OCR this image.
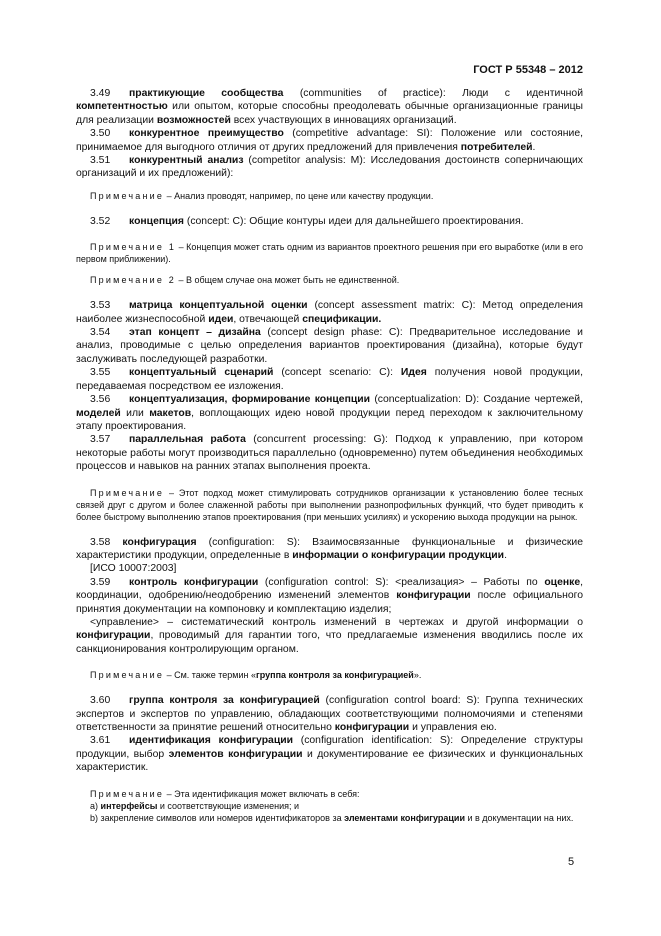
ГОСТ Р 55348 – 2012

3.49 практикующие сообщества (communities of practice): Люди с идентичной компетентностью или опытом, которые способны преодолевать обычные организационные границы для реализации возможностей всех участвующих в инновациях организаций.

3.50 конкурентное преимущество (competitive advantage: SI): Положение или состояние, принимаемое для выгодного отличия от других предложений для привлечения потребителей.

3.51 конкурентный анализ (competitor analysis: M): Исследования достоинств соперничающих организаций и их предложений):

Примечание – Анализ проводят, например, по цене или качеству продукции.

3.52 концепция (concept: C): Общие контуры идеи для дальнейшего проектирования.

Примечание 1 – Концепция может стать одним из вариантов проектного решения при его выработке (или в его первом приближении).

Примечание 2 – В общем случае она может быть не единственной.

3.53 матрица концептуальной оценки (concept assessment matrix: C): Метод определения наиболее жизнеспособной идеи, отвечающей спецификации.

3.54 этап концепт – дизайна (concept design phase: C): Предварительное исследование и анализ, проводимые с целью определения вариантов проектирования (дизайна), которые будут заслуживать последующей разработки.

3.55 концептуальный сценарий (concept scenario: C): Идея получения новой продукции, передаваемая посредством ее изложения.

3.56 концептуализация, формирование концепции (conceptualization: D): Создание чертежей, моделей или макетов, воплощающих идею новой продукции перед переходом к заключительному этапу проектирования.

3.57 параллельная работа (concurrent processing: G): Подход к управлению, при котором некоторые работы могут производиться параллельно (одновременно) путем объединения необходимых процессов и навыков на ранних этапах выполнения проекта.

Примечание – Этот подход может стимулировать сотрудников организации к установлению более тесных связей друг с другом и более слаженной работы при выполнении разнопрофильных функций, что будет приводить к более быстрому выполнению этапов проектирования (при меньших усилиях) и ускорению выхода продукции на рынок.

3.58 конфигурация (configuration: S): Взаимосвязанные функциональные и физические характеристики продукции, определенные в информации о конфигурации продукции.

[ИСО 10007:2003]

3.59 контроль конфигурации (configuration control: S): <реализация> – Работы по оценке, координации, одобрению/неодобрению изменений элементов конфигурации после официального принятия документации на компоновку и комплектацию изделия;

<управление> – систематический контроль изменений в чертежах и другой информации о конфигурации, проводимый для гарантии того, что предлагаемые изменения вводились после их санкционирования контролирующим органом.

Примечание – См. также термин «группа контроля за конфигурацией».

3.60 группа контроля за конфигурацией (configuration control board: S): Группа технических экспертов и экспертов по управлению, обладающих соответствующими полномочиями и степенями ответственности за принятие решений относительно конфигурации и управления ею.

3.61 идентификация конфигурации (configuration identification: S): Определение структуры продукции, выбор элементов конфигурации и документирование ее физических и функциональных характеристик.

Примечание – Эта идентификация может включать в себя:

а) интерфейсы и соответствующие изменения; и

b) закрепление символов или номеров идентификаторов за элементами конфигурации и в документации на них.

5
